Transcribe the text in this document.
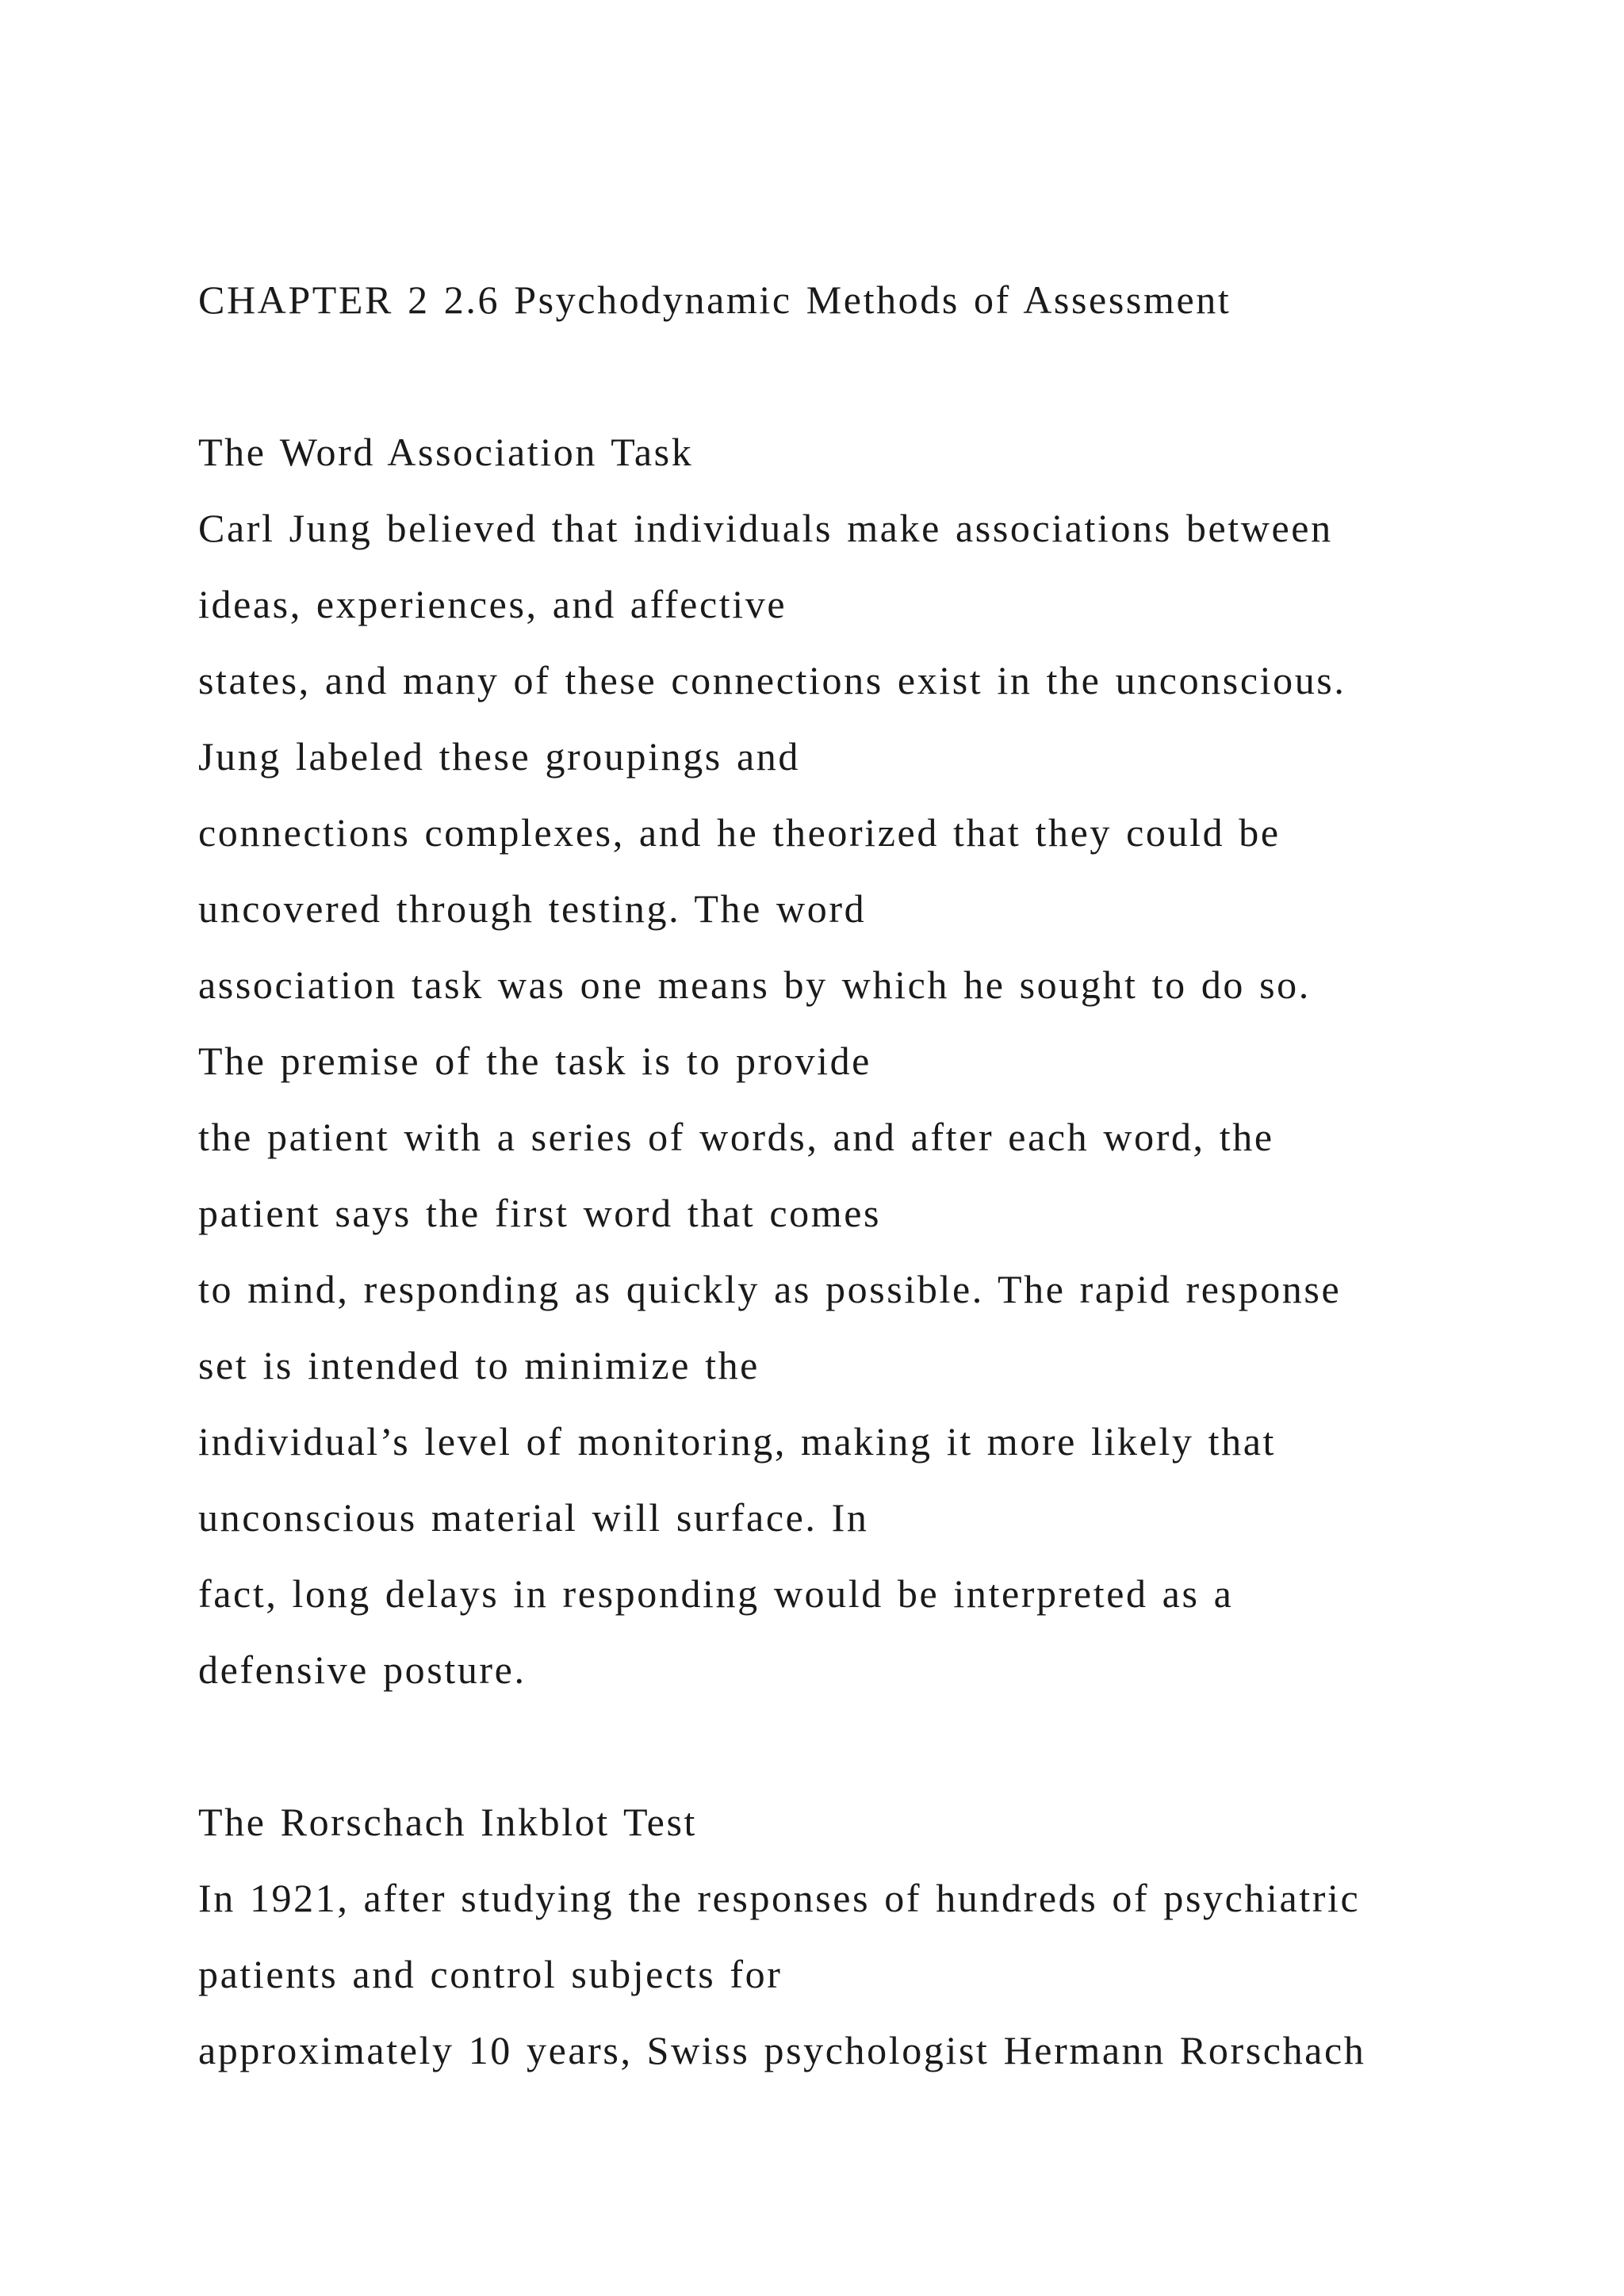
CHAPTER 2 2.6 Psychodynamic Methods of Assessment
The Word Association Task
Carl Jung believed that individuals make associations between
ideas, experiences, and affective
states, and many of these connections exist in the unconscious.
Jung labeled these groupings and
connections complexes, and he theorized that they could be
uncovered through testing. The word
association task was one means by which he sought to do so.
The premise of the task is to provide
the patient with a series of words, and after each word, the
patient says the first word that comes
to mind, responding as quickly as possible. The rapid response
set is intended to minimize the
individual’s level of monitoring, making it more likely that
unconscious material will surface. In
fact, long delays in responding would be interpreted as a
defensive posture.
The Rorschach Inkblot Test
In 1921, after studying the responses of hundreds of psychiatric
patients and control subjects for
approximately 10 years, Swiss psychologist Hermann Rorschach
